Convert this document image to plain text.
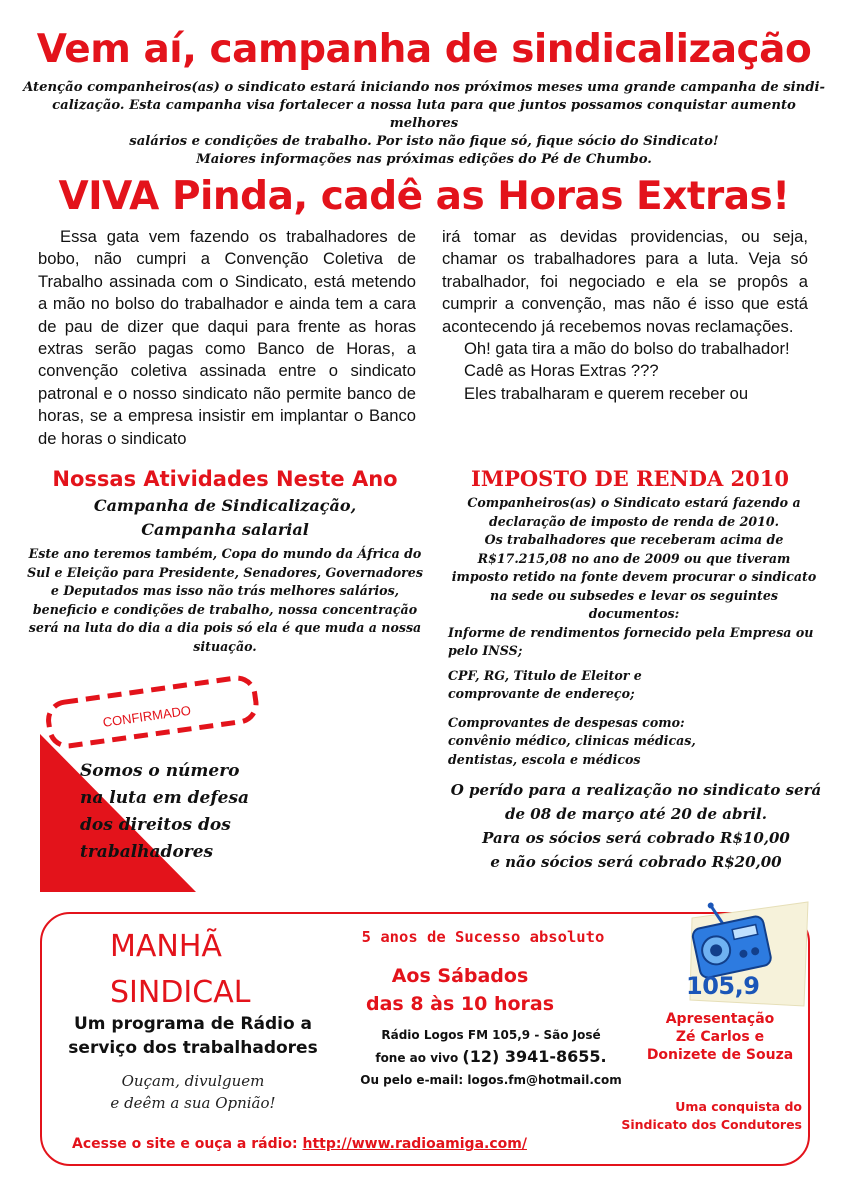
Vem aí, campanha de sindicalização

Atenção companheiros(as) o sindicato estará iniciando nos próximos meses uma grande campanha de sindi-

calização. Esta campanha visa fortalecer a nossa luta para que juntos possamos conquistar aumento melhores

salários e condições de trabalho. Por isto não fique só, fique sócio do Sindicato!

Maiores informações nas próximas edições do Pé de Chumbo.

VIVA Pinda, cadê as Horas Extras!

Essa gata vem fazendo os trabalhadores de bobo, não cumpri a Convenção Coletiva de Trabalho assinada com o Sindicato, está metendo a mão no bolso do trabalhador e ainda tem a cara de pau de dizer que daqui para frente as horas extras serão pagas como Banco de Horas, a convenção coletiva assinada entre o sindicato patronal e o nosso sindicato não permite banco de horas, se a empresa insistir em implantar o Banco de horas o sindicato

irá tomar as devidas providencias, ou seja, chamar os trabalhadores para a luta. Veja só trabalhador, foi negociado e ela se propôs a cumprir a convenção, mas não é isso que está acontecendo já recebemos novas reclamações.

Oh! gata tira a mão do bolso do trabalhador!

Cadê as Horas Extras ???

Eles trabalharam e querem receber ou

Nossas Atividades Neste Ano
Campanha de Sindicalização,
Campanha salarial
Este ano teremos também, Copa do mundo da África do Sul e Eleição para Presidente, Senadores, Governadores e Deputados mas isso não trás melhores salários, beneficio e condições de trabalho, nossa concentração será na luta do dia a dia pois só ela é que muda a nossa situação.
CONFIRMADO
Somos o número
na luta em defesa
dos direitos dos
trabalhadores
IMPOSTO DE RENDA 2010
Companheiros(as) o Sindicato estará fazendo a declaração de imposto de renda de 2010.
Os trabalhadores que receberam acima de R$17.215,08 no ano de 2009 ou que tiveram imposto retido na fonte devem procurar o sindicato na sede ou subsedes e levar os seguintes documentos:
Informe de rendimentos fornecido pela Empresa ou pelo INSS;
CPF, RG, Titulo de Eleitor e
comprovante de endereço;
Comprovantes de despesas como:
convênio médico, clinicas médicas,
dentistas, escola e médicos
O perído para a realização no sindicato será
de 08 de março até 20 de abril.
Para os sócios será cobrado R$10,00
e não sócios será cobrado R$20,00
105,9
MANHÃ
SINDICAL
Um programa de Rádio a
serviço dos trabalhadores
Ouçam, divulguem
e deêm a sua Opnião!
5 anos de Sucesso absoluto
Aos Sábados
das 8 às 10 horas
Rádio Logos FM 105,9 - São José
fone ao vivo (12) 3941-8655.
Ou pelo e-mail: logos.fm@hotmail.com
Apresentação
Zé Carlos e
Donizete de Souza
Uma conquista do
Sindicato dos Condutores
Acesse o site e ouça a rádio: http://www.radioamiga.com/
